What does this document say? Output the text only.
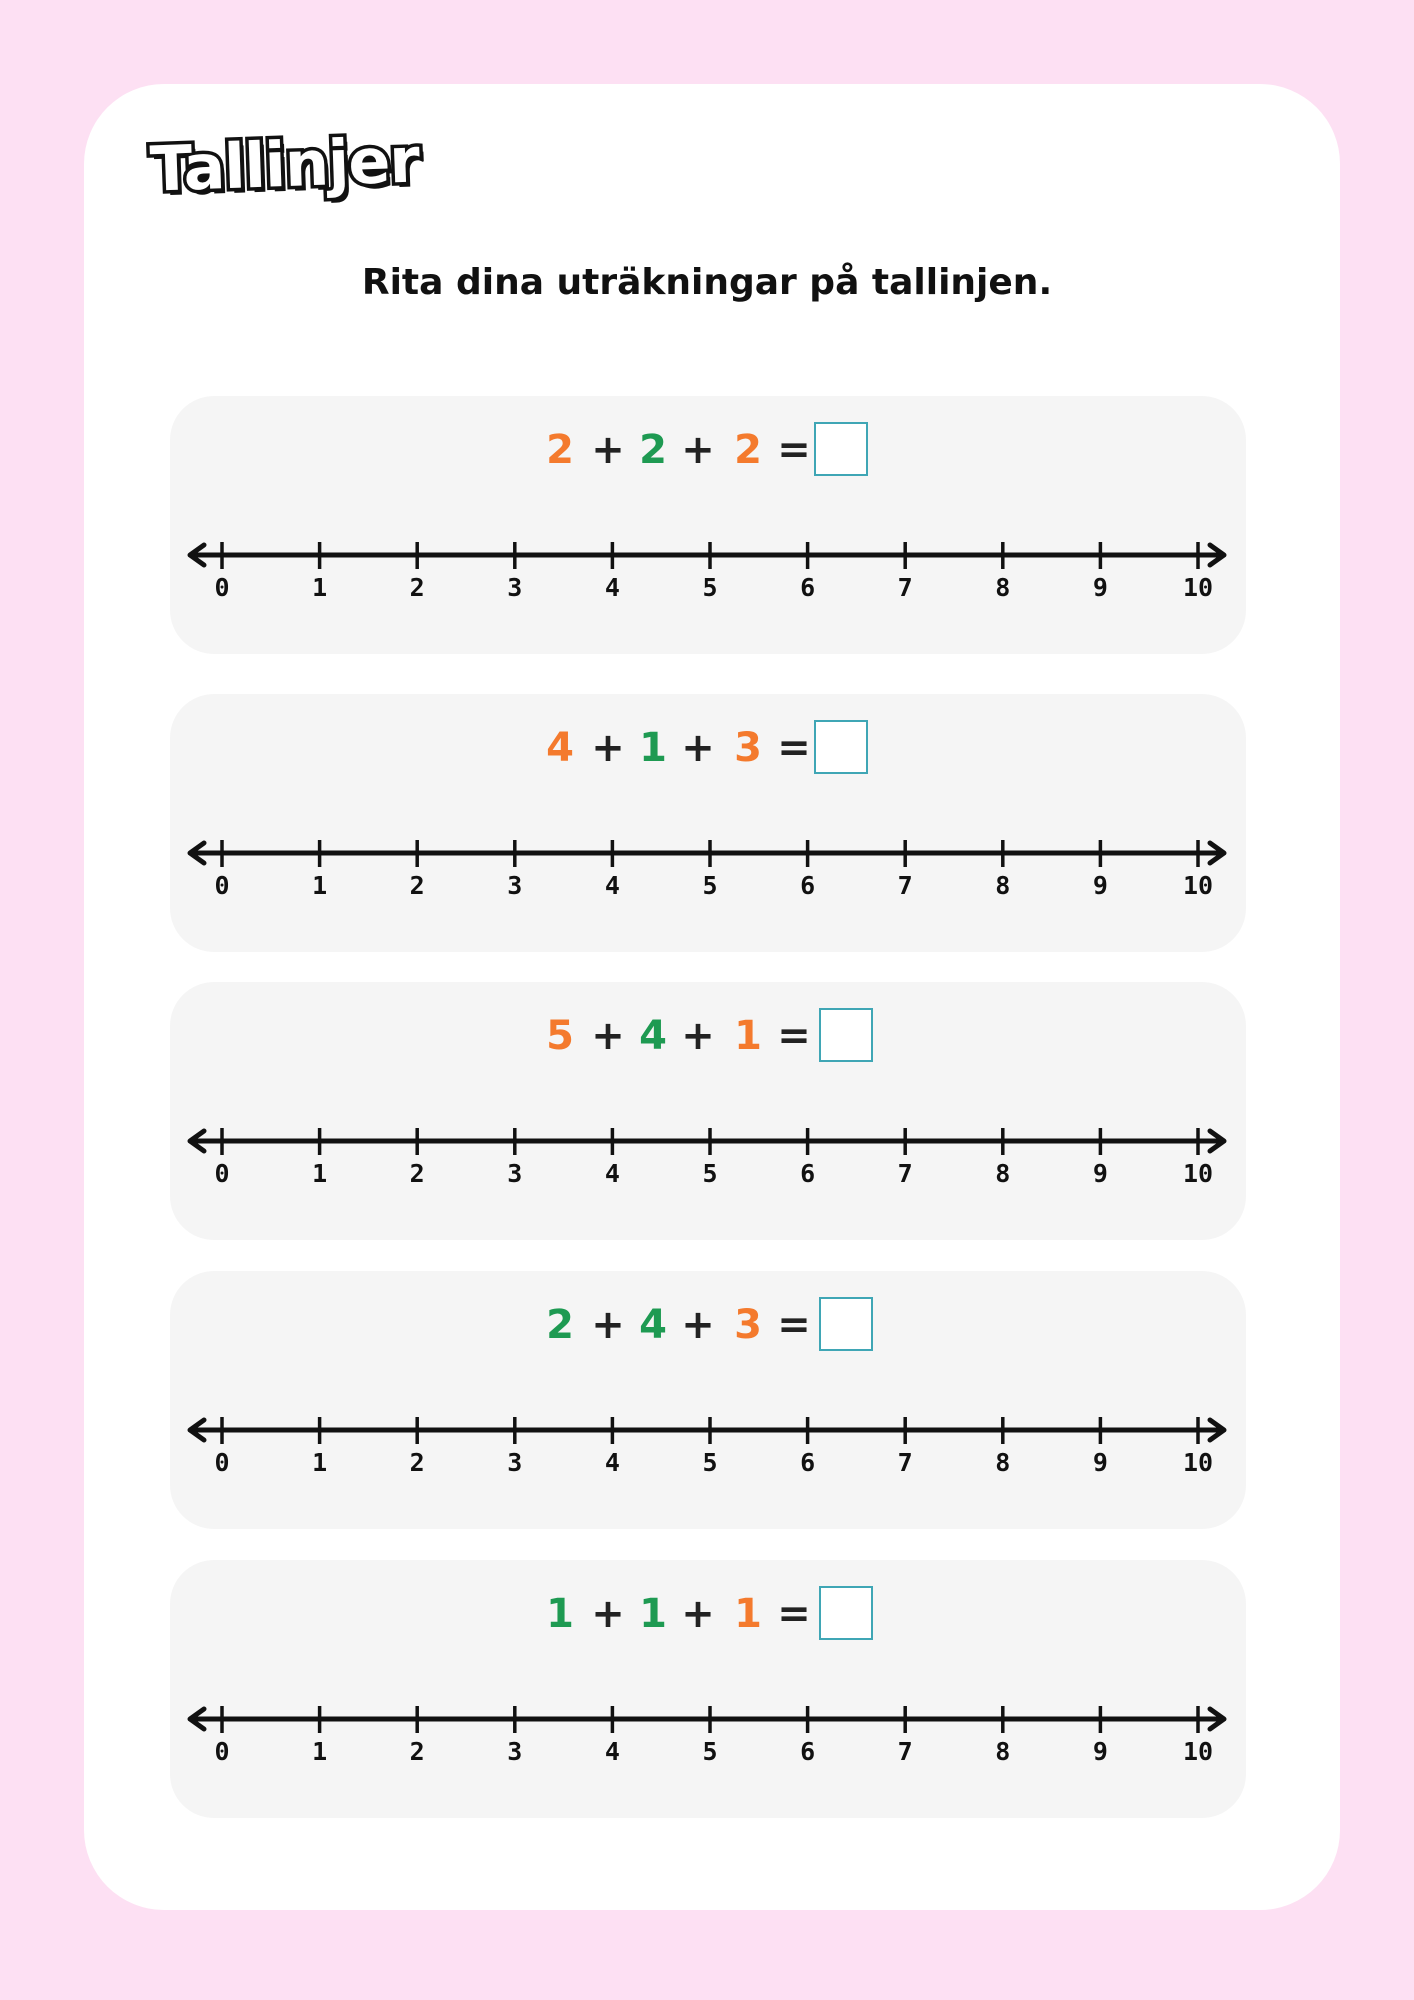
Tallinjer
Rita dina uträkningar på tallinjen.
2 + 2 + 2 =
0	1	2	3	4	5	6	7	8	9	10
4 + 1 + 3 =
0	1	2	3	4	5	6	7	8	9	10
5 + 4 + 1 =
0	1	2	3	4	5	6	7	8	9	10
2 + 4 + 3 =
0	1	2	3	4	5	6	7	8	9	10
1 + 1 + 1 =
0	1	2	3	4	5	6	7	8	9	10
